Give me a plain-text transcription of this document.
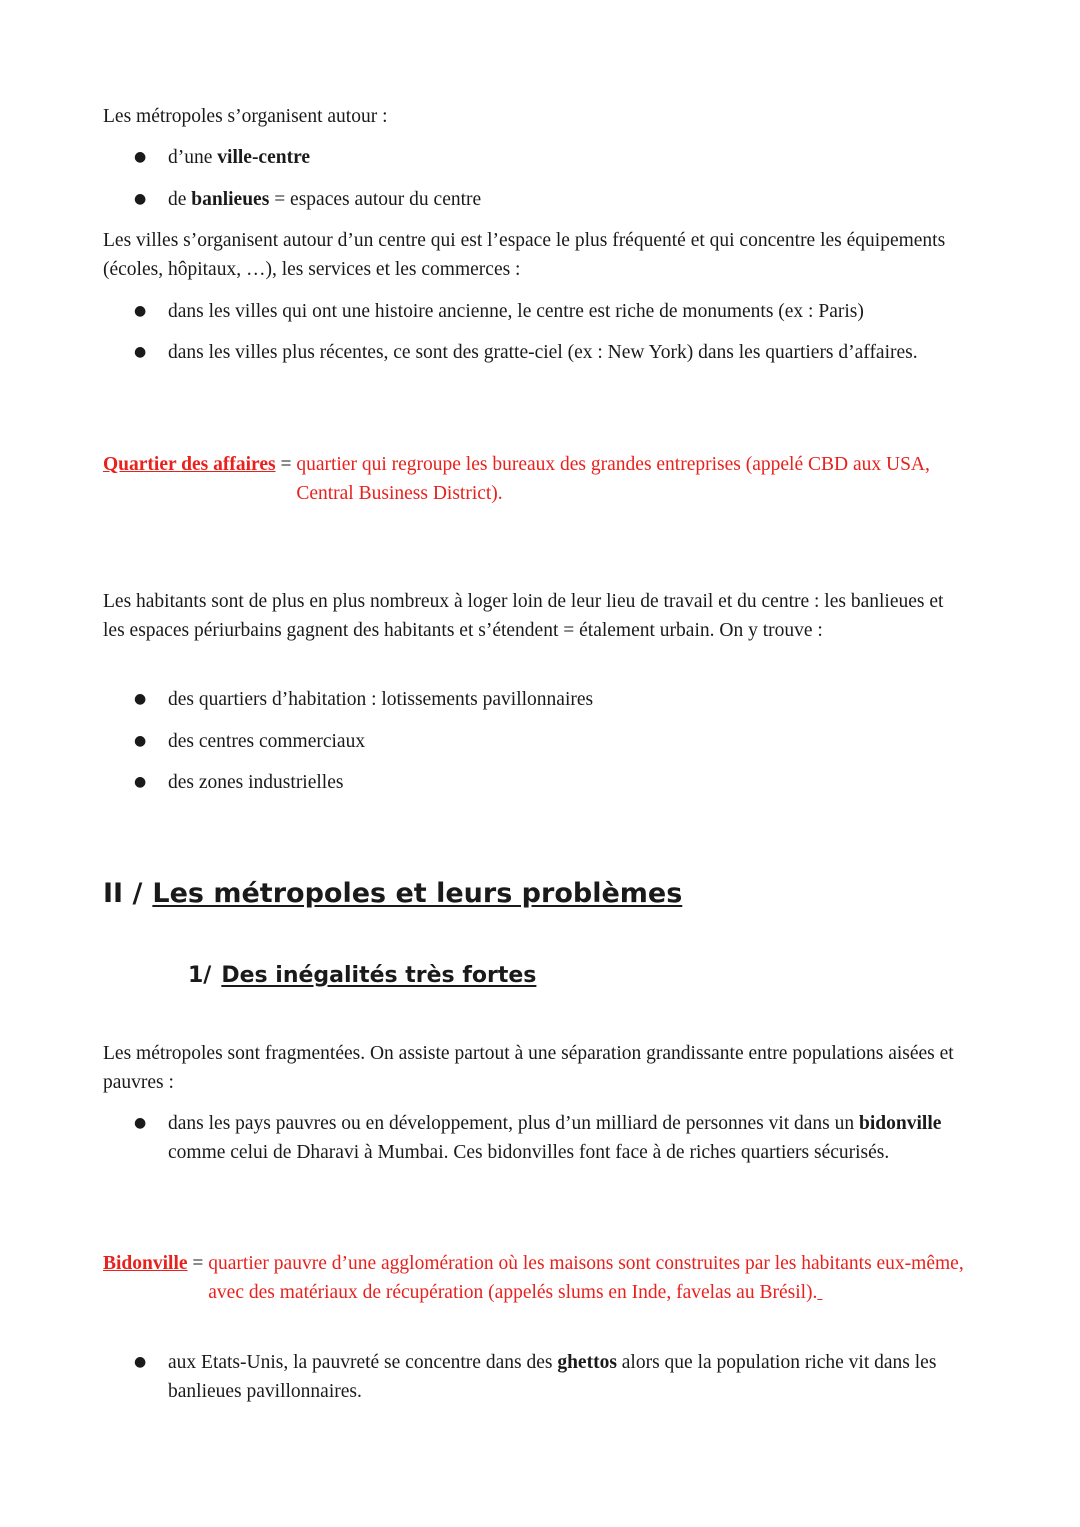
Les métropoles s’organisent autour :

● d’une ville-centre

● de banlieues = espaces autour du centre

Les villes s’organisent autour d’un centre qui est l’espace le plus fréquenté et qui concentre les équipements (écoles, hôpitaux, …), les services et les commerces :

● dans les villes qui ont une histoire ancienne, le centre est riche de monuments (ex : Paris)

● dans les villes plus récentes, ce sont des gratte-ciel (ex : New York) dans les quartiers d’affaires.

Quartier des affaires = quartier qui regroupe les bureaux des grandes entreprises (appelé CBD aux USA, Central Business District).

Les habitants sont de plus en plus nombreux à loger loin de leur lieu de travail et du centre : les banlieues et les espaces périurbains gagnent des habitants et s’étendent = étalement urbain. On y trouve :

● des quartiers d’habitation : lotissements pavillonnaires

● des centres commerciaux

● des zones industrielles

II / Les métropoles et leurs problèmes
1/ Des inégalités très fortes

Les métropoles sont fragmentées. On assiste partout à une séparation grandissante entre populations aisées et pauvres :

● dans les pays pauvres ou en développement, plus d’un milliard de personnes vit dans un bidonville comme celui de Dharavi à Mumbai. Ces bidonvilles font face à de riches quartiers sécurisés.

Bidonville = quartier pauvre d’une agglomération où les maisons sont construites par les habitants eux-même, avec des matériaux de récupération (appelés slums en Inde, favelas au Brésil).

● aux Etats-Unis, la pauvreté se concentre dans des ghettos alors que la population riche vit dans les banlieues pavillonnaires.
